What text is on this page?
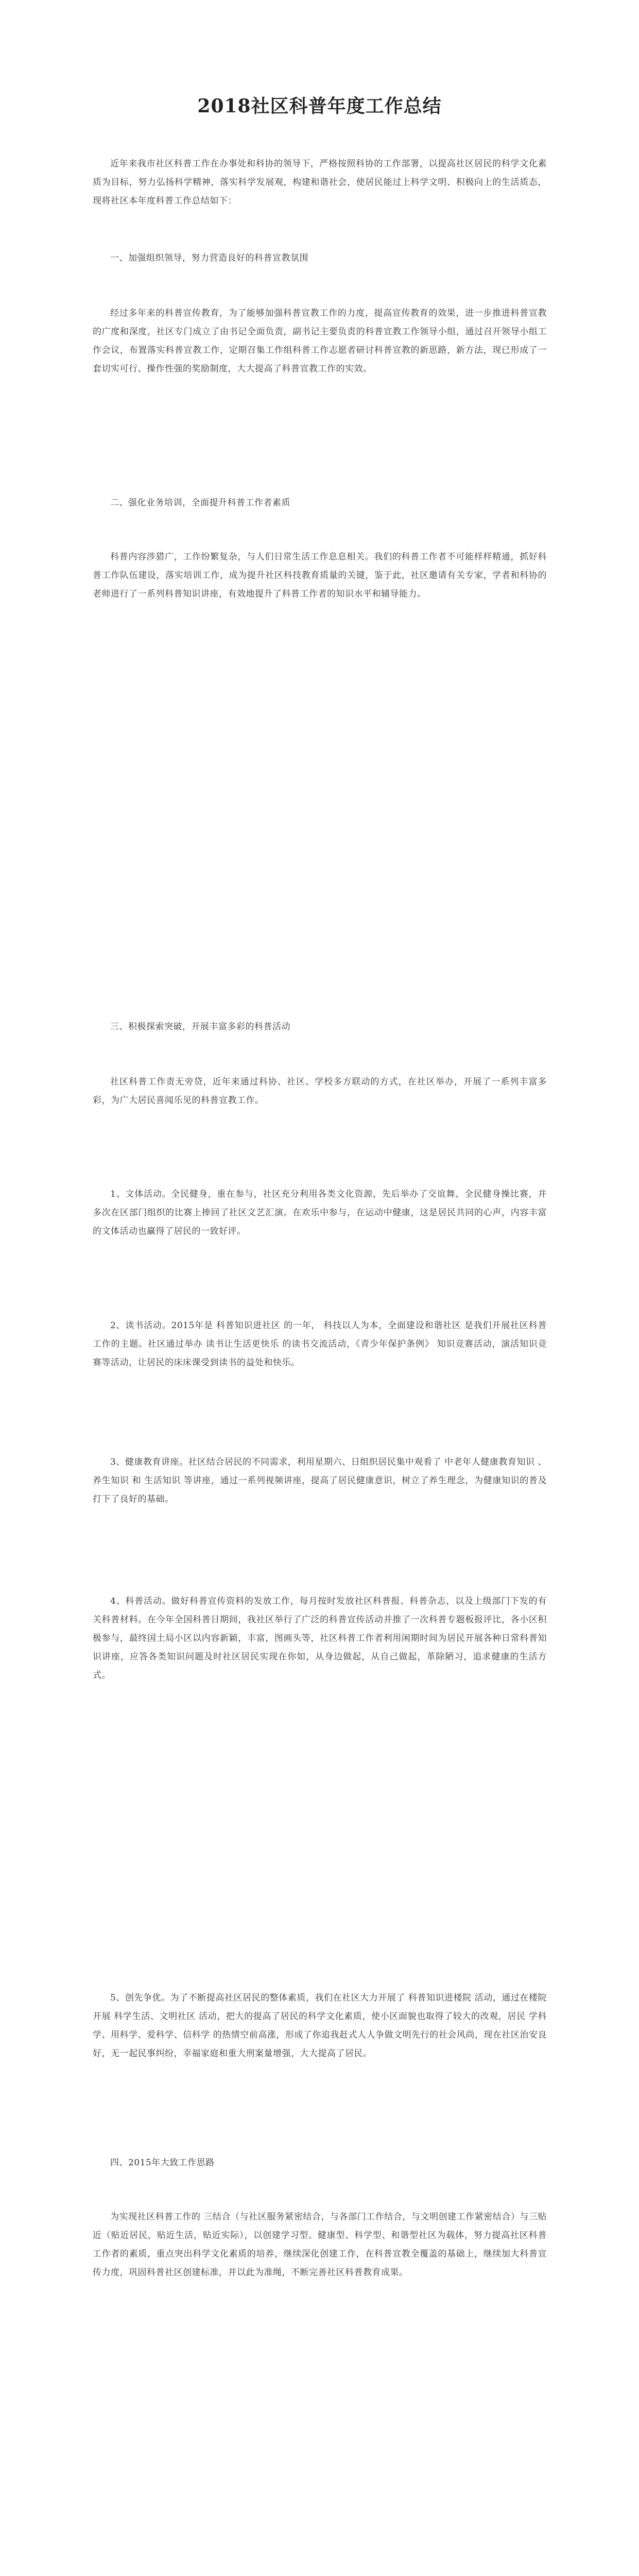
2018社区科普年度工作总结

近年来我市社区科普工作在办事处和科协的领导下，严格按照科协的工作部署，以提高社区居民的科学文化素质为目标，努力弘扬科学精神，落实科学发展观，构建和谐社会，使居民能过上科学文明、积极向上的生活质态，现将社区本年度科普工作总结如下：

一、加强组织领导，努力营造良好的科普宣教氛围

经过多年来的科普宣传教育，为了能够加强科普宣教工作的力度，提高宣传教育的效果，进一步推进科普宣教的广度和深度，社区专门成立了由书记全面负责，副书记主要负责的科普宣教工作领导小组，通过召开领导小组工作会议，布置落实科普宣教工作，定期召集工作组科普工作志愿者研讨科普宣教的新思路，新方法，现已形成了一套切实可行、操作性强的奖励制度，大大提高了科普宣教工作的实效。

二、强化业务培训，全面提升科普工作者素质

科普内容涉猎广，工作纷繁复杂，与人们日常生活工作息息相关。我们的科普工作者不可能样样精通，抓好科普工作队伍建设，落实培训工作，成为提升社区科技教育质量的关键，鉴于此，社区邀请有关专家，学者和科协的老师进行了一系列科普知识讲座，有效地提升了科普工作者的知识水平和辅导能力。

三、积极探索突破，开展丰富多彩的科普活动

社区科普工作责无旁贷，近年来通过科协、社区、学校多方联动的方式，在社区举办，开展了一系列丰富多彩，为广大居民喜闻乐见的科普宣教工作。

1、文体活动。全民健身，重在参与，社区充分利用各类文化资源，先后举办了交谊舞、全民健身操比赛，并多次在区部门组织的比赛上捧回了社区文艺汇演。在欢乐中参与，在运动中健康，这是居民共同的心声，内容丰富的文体活动也赢得了居民的一致好评。

2、读书活动。2015年是 科普知识进社区 的一年， 科技以人为本，全面建设和谐社区 是我们开展社区科普工作的主题。社区通过举办 读书让生活更快乐 的读书交流活动，《青少年保护条例》 知识竞赛活动，演活知识竞赛等活动，让居民的床床课受到读书的益处和快乐。

3、健康教育讲座。社区结合居民的不同需求，利用星期六、日组织居民集中观看了 中老年人健康教育知识 、养生知识 和 生活知识 等讲座，通过一系列视频讲座，提高了居民健康意识，树立了养生理念，为健康知识的普及打下了良好的基础。

4、科普活动。做好科普宣传资料的发放工作，每月按时发放社区科普报、科普杂志，以及上级部门下发的有关科普材料。在今年全国科普日期间，我社区举行了广泛的科普宣传活动并推了一次科普专题板报评比，各小区积极参与，最终国土局小区以内容新颖，丰富，图画头等，社区科普工作者利用闲期时间为居民开展各种日常科普知识讲座，应答各类知识问题及时社区居民实现在你如，从身边做起，从自己做起，革除陋习，追求健康的生活方式。

5、创先争优。为了不断提高社区居民的整体素质，我们在社区大力开展了 科普知识进楼院 活动，通过在楼院开展 科学生活、文明社区 活动，把大的提高了居民的科学文化素质，使小区面貌也取得了较大的改观，居民 学科学、用科学、爱科学、信科学 的热情空前高涨，形成了你追我赶式人人争做文明先行的社会风尚，现在社区治安良好，无一起民事纠纷，幸福家庭和重大刑案量增强，大大提高了居民。

四、2015年大致工作思路

为实现社区科普工作的 三结合（与社区服务紧密结合，与各部门工作结合，与文明创建工作紧密结合）与三贴近（贴近居民，贴近生活，贴近实际），以创建学习型、健康型、科学型、和谐型社区为载体，努力提高社区科普工作者的素质，重点突出科学文化素质的培养，继续深化创建工作，在科普宣教全覆盖的基础上，继续加大科普宣传力度，巩固科普社区创建标准，并以此为准绳，不断完善社区科普教育成果。
